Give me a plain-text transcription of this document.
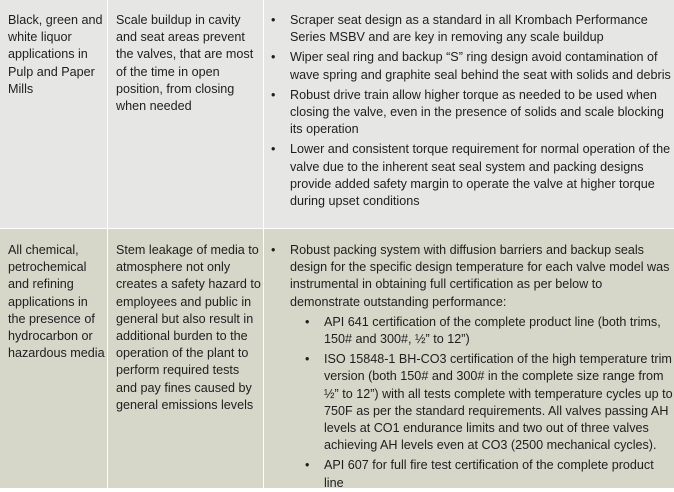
Black, green and white liquor applications in Pulp and Paper Mills
Scale buildup in cavity and seat areas prevent the valves, that are most of the time in open position, from closing when needed
• Scraper seat design as a standard in all Krombach Performance Series MSBV and are key in removing any scale buildup
• Wiper seal ring and backup “S” ring design avoid contamination of wave spring and graphite seal behind the seat with solids and debris
• Robust drive train allow higher torque as needed to be used when closing the valve, even in the presence of solids and scale blocking its operation
• Lower and consistent torque requirement for normal operation of the valve due to the inherent seat seal system and packing designs provide added safety margin to operate the valve at higher torque during upset conditions
All chemical, petrochemical and refining applications in the presence of hydrocarbon or hazardous media
Stem leakage of media to atmosphere not only creates a safety hazard to employees and public in general but also result in additional burden to the operation of the plant to perform required tests and pay fines caused by general emissions levels
• Robust packing system with diffusion barriers and backup seals design for the specific design temperature for each valve model was instrumental in obtaining full certification as per below to demonstrate outstanding performance:
• API 641 certification of the complete product line (both trims, 150# and 300#, ½” to 12”)
• ISO 15848-1 BH-CO3 certification of the high temperature trim version (both 150# and 300# in the complete size range from ½” to 12”) with all tests complete with temperature cycles up to 750F as per the standard requirements. All valves passing AH levels at CO1 endurance limits and two out of three valves achieving AH levels even at CO3 (2500 mechanical cycles).
• API 607 for full fire test certification of the complete product line
